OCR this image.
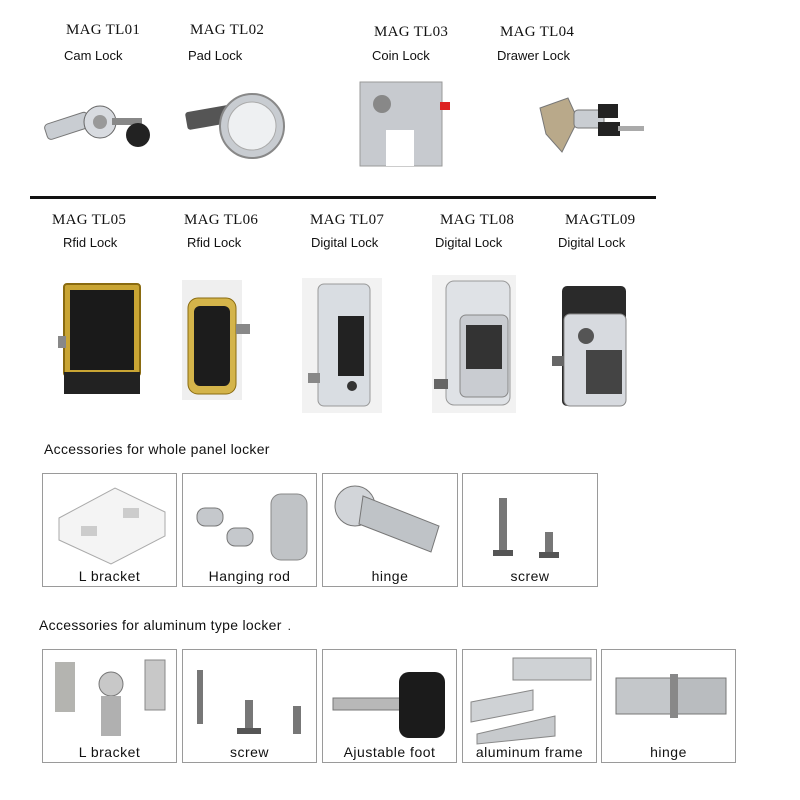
MAG TL01
Cam Lock
MAG TL02
Pad Lock
MAG TL03
Coin Lock
MAG TL04
Drawer Lock
MAG TL05
Rfid Lock
MAG TL06
Rfid Lock
MAG TL07
Digital Lock
MAG TL08
Digital Lock
MAGTL09
Digital Lock
Accessories for whole panel locker
L bracket	Hanging rod	hinge	screw
Accessories for aluminum type locker .
L bracket	screw	Ajustable foot	aluminum frame	hinge
